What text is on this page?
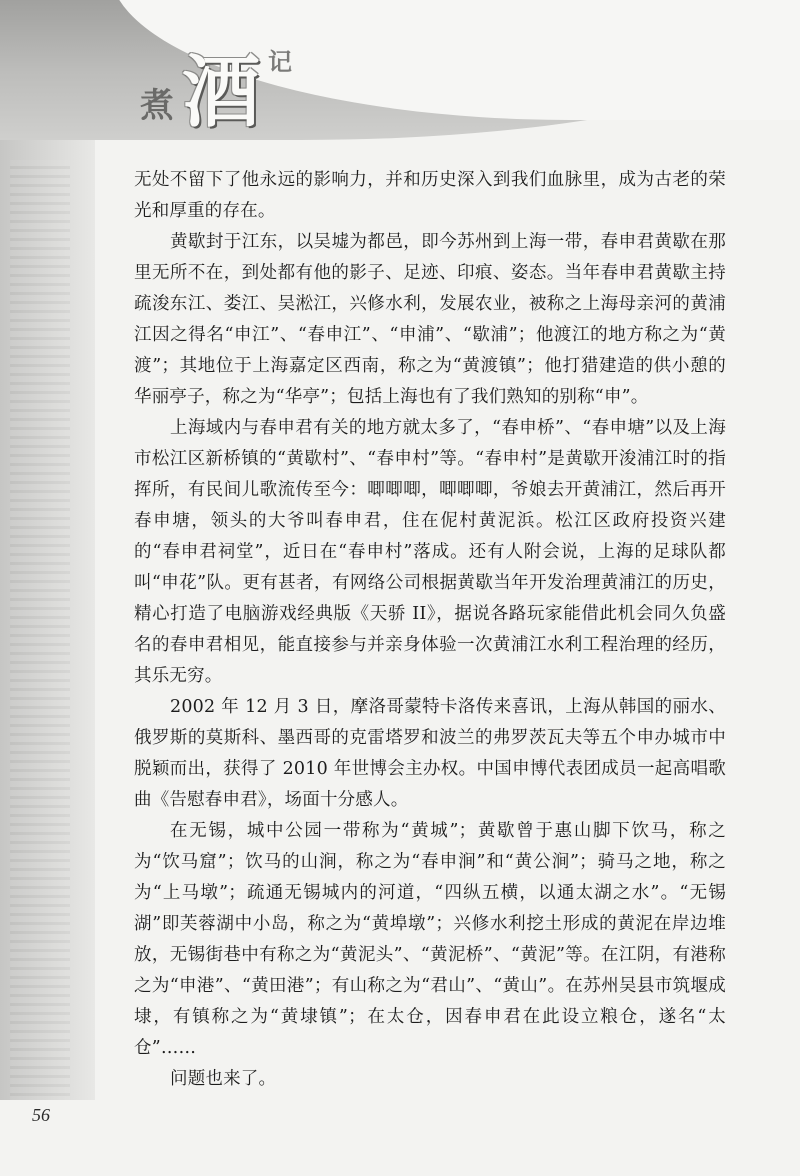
煮 酒 记

无处不留下了他永远的影响力，并和历史深入到我们血脉里，成为古老的荣光和厚重的存在。

黄歇封于江东，以吴墟为都邑，即今苏州到上海一带，春申君黄歇在那里无所不在，到处都有他的影子、足迹、印痕、姿态。当年春申君黄歇主持疏浚东江、娄江、吴淞江，兴修水利，发展农业，被称之上海母亲河的黄浦江因之得名“申江”、“春申江”、“申浦”、“歇浦”；他渡江的地方称之为“黄渡”；其地位于上海嘉定区西南，称之为“黄渡镇”；他打猎建造的供小憩的华丽亭子，称之为“华亭”；包括上海也有了我们熟知的别称“申”。

上海域内与春申君有关的地方就太多了，“春申桥”、“春申塘”以及上海市松江区新桥镇的“黄歇村”、“春申村”等。“春申村”是黄歇开浚浦江时的指挥所，有民间儿歌流传至今：唧唧唧，唧唧唧，爷娘去开黄浦江，然后再开春申塘，领头的大爷叫春申君，住在伲村黄泥浜。松江区政府投资兴建的“春申君祠堂”，近日在“春申村”落成。还有人附会说，上海的足球队都叫“申花”队。更有甚者，有网络公司根据黄歇当年开发治理黄浦江的历史，精心打造了电脑游戏经典版《天骄 II》，据说各路玩家能借此机会同久负盛名的春申君相见，能直接参与并亲身体验一次黄浦江水利工程治理的经历，其乐无穷。

2002 年 12 月 3 日，摩洛哥蒙特卡洛传来喜讯，上海从韩国的丽水、俄罗斯的莫斯科、墨西哥的克雷塔罗和波兰的弗罗茨瓦夫等五个申办城市中脱颖而出，获得了 2010 年世博会主办权。中国申博代表团成员一起高唱歌曲《告慰春申君》，场面十分感人。

在无锡，城中公园一带称为“黄城”；黄歇曾于惠山脚下饮马，称之为“饮马窟”；饮马的山涧，称之为“春申涧”和“黄公涧”；骑马之地，称之为“上马墩”；疏通无锡城内的河道，“四纵五横，以通太湖之水”。“无锡湖”即芙蓉湖中小岛，称之为“黄埠墩”；兴修水利挖土形成的黄泥在岸边堆放，无锡街巷中有称之为“黄泥头”、“黄泥桥”、“黄泥”等。在江阴，有港称之为“申港”、“黄田港”；有山称之为“君山”、“黄山”。在苏州吴县市筑堰成埭，有镇称之为“黄埭镇”；在太仓，因春申君在此设立粮仓，遂名“太仓”……

问题也来了。

56
